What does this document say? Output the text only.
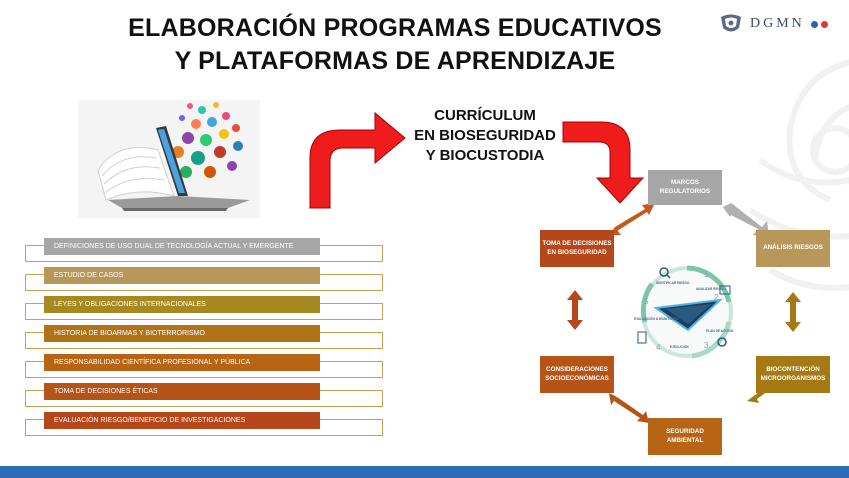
ELABORACIÓN PROGRAMAS EDUCATIVOS
Y PLATAFORMAS DE APRENDIZAJE
DGMN
DEFINICIONES DE USO DUAL DE TECNOLOGÍA ACTUAL Y EMERGENTE
ESTUDIO DE CASOS
LEYES Y OBLIGACIONES INTERNACIONALES
HISTORIA DE BIOARMAS Y BIOTERRORISMO
RESPONSABILIDAD CIENTÍFICA PROFESIONAL Y PÚBLICA
TOMA DE DECISIONES ÉTICAS
EVALUACIÓN RIESGO/BENEFICIO DE INVESTIGACIONES
CURRÍCULUM
EN BIOSEGURIDAD
Y BIOCUSTODIA
MARCOS REGULATORIOS
ANÁLISIS RIESGOS
BIOCONTENCIÓN MICROORGANISMOS
SEGURIDAD AMBIENTAL
CONSIDERACIONES SOCIOECONÓMICAS
TOMA DE DECISIONES EN BIOSEGURIDAD
1
2
3
4
5
IDENTIFICAR RIESGO
ANALIZAR RIESGO
PLAN DE ACCIÓN
EJECUCIÓN
EVALUACIÓN & MONITOREO
